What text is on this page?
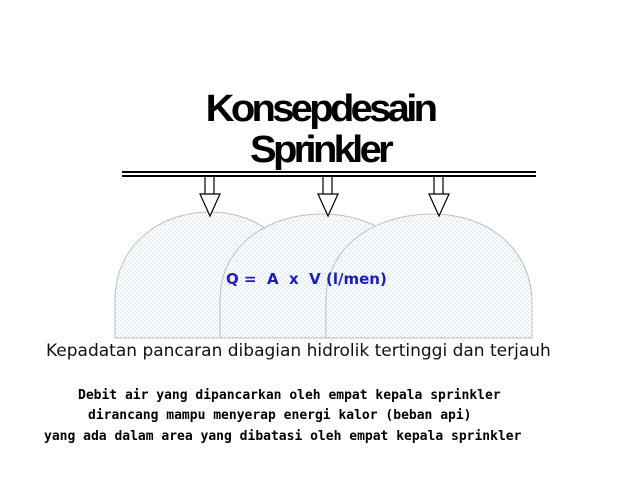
Konsepdesain
Sprinkler
Q =  A  x  V (l/men)
Kepadatan pancaran dibagian hidrolik tertinggi dan terjauh
Debit air yang dipancarkan oleh empat kepala sprinkler
dirancang mampu menyerap energi kalor (beban api)
yang ada dalam area yang dibatasi oleh empat kepala sprinkler
